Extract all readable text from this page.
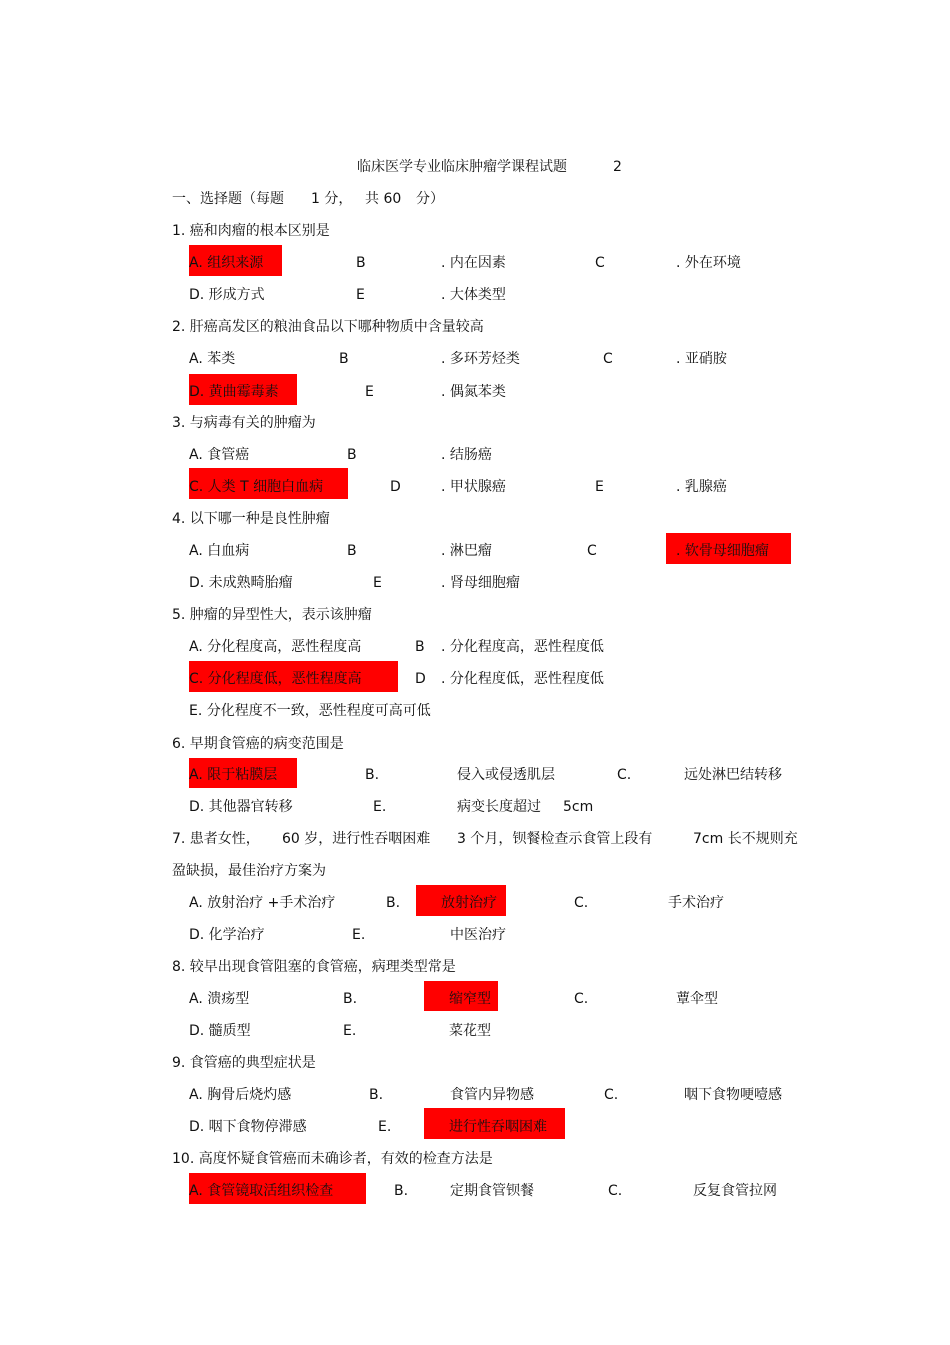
临床医学专业临床肿瘤学课程试题	2
一、选择题（每题 1 分， 共 60 分）
1. 癌和肉瘤的根本区别是
A. 组织来源	B	. 内在因素	C	. 外在环境
D. 形成方式	E	. 大体类型
2. 肝癌高发区的粮油食品以下哪种物质中含量较高
A. 苯类	B	. 多环芳烃类	C	. 亚硝胺
D. 黄曲霉毒素	E	. 偶氮苯类
3. 与病毒有关的肿瘤为
A. 食管癌	B	. 结肠癌
C. 人类 T 细胞白血病	D	. 甲状腺癌	E	. 乳腺癌
4. 以下哪一种是良性肿瘤
A. 白血病	B	. 淋巴瘤	C	. 软骨母细胞瘤
D. 未成熟畸胎瘤	E	. 肾母细胞瘤
5. 肿瘤的异型性大，表示该肿瘤
A. 分化程度高，恶性程度高	B . 分化程度高，恶性程度低
C. 分化程度低，恶性程度高	D . 分化程度低，恶性程度低
E. 分化程度不一致，恶性程度可高可低
6. 早期食管癌的病变范围是
A. 限于粘膜层	B.	侵入或侵透肌层	C.	远处淋巴结转移
D. 其他器官转移	E.	病变长度超过 5cm
7. 患者女性， 60 岁，进行性吞咽困难 3 个月，钡餐检查示食管上段有	7cm 长不规则充
盈缺损，最佳治疗方案为
A. 放射治疗 +手术治疗	B.	放射治疗	C.	手术治疗
D. 化学治疗	E.	中医治疗
8. 较早出现食管阻塞的食管癌，病理类型常是
A. 溃疡型	B.	缩窄型	C.	蕈伞型
D. 髓质型	E.	菜花型
9. 食管癌的典型症状是
A. 胸骨后烧灼感	B.	食管内异物感	C.	咽下食物哽噎感
D. 咽下食物停滞感	E.	进行性吞咽困难
10. 高度怀疑食管癌而未确诊者，有效的检查方法是
A. 食管镜取活组织检查	B.	定期食管钡餐	C.	反复食管拉网
